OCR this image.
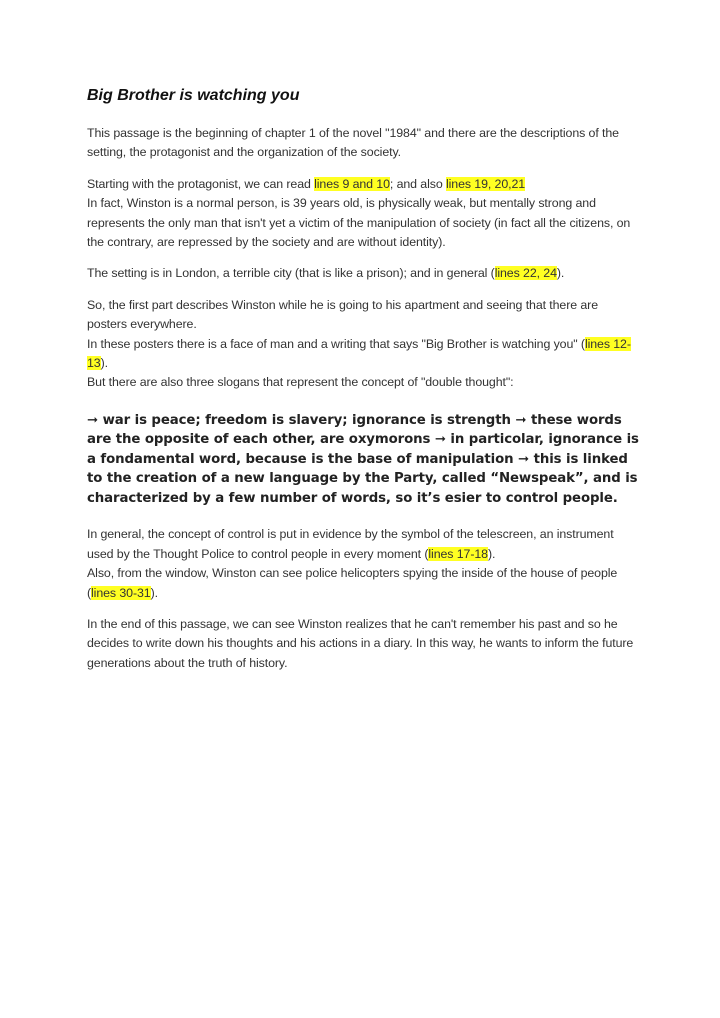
Big Brother is watching you

This passage is the beginning of chapter 1 of the novel "1984" and there are the descriptions of the setting, the protagonist and the organization of the society.

Starting with the protagonist, we can read lines 9 and 10; and also lines 19, 20,21
In fact, Winston is a normal person, is 39 years old, is physically weak, but mentally strong and represents the only man that isn't yet a victim of the manipulation of society (in fact all the citizens, on the contrary, are repressed by the society and are without identity).

The setting is in London, a terrible city (that is like a prison); and in general (lines 22, 24).

So, the first part describes Winston while he is going to his apartment and seeing that there are posters everywhere.
In these posters there is a face of man and a writing that says "Big Brother is watching you" (lines 12-13).
But there are also three slogans that represent the concept of "double thought":

➞ war is peace; freedom is slavery; ignorance is strength ➞ these words are the opposite of each other, are oxymorons ➞ in particolar, ignorance is a fondamental word, because is the base of manipulation ➞ this is linked to the creation of a new language by the Party, called “Newspeak”, and is characterized by a few number of words, so it’s esier to control people.

In general, the concept of control is put in evidence by the symbol of the telescreen, an instrument used by the Thought Police to control people in every moment (lines 17-18).
Also, from the window, Winston can see police helicopters spying the inside of the house of people (lines 30-31).

In the end of this passage, we can see Winston realizes that he can't remember his past and so he decides to write down his thoughts and his actions in a diary. In this way, he wants to inform the future generations about the truth of history.
